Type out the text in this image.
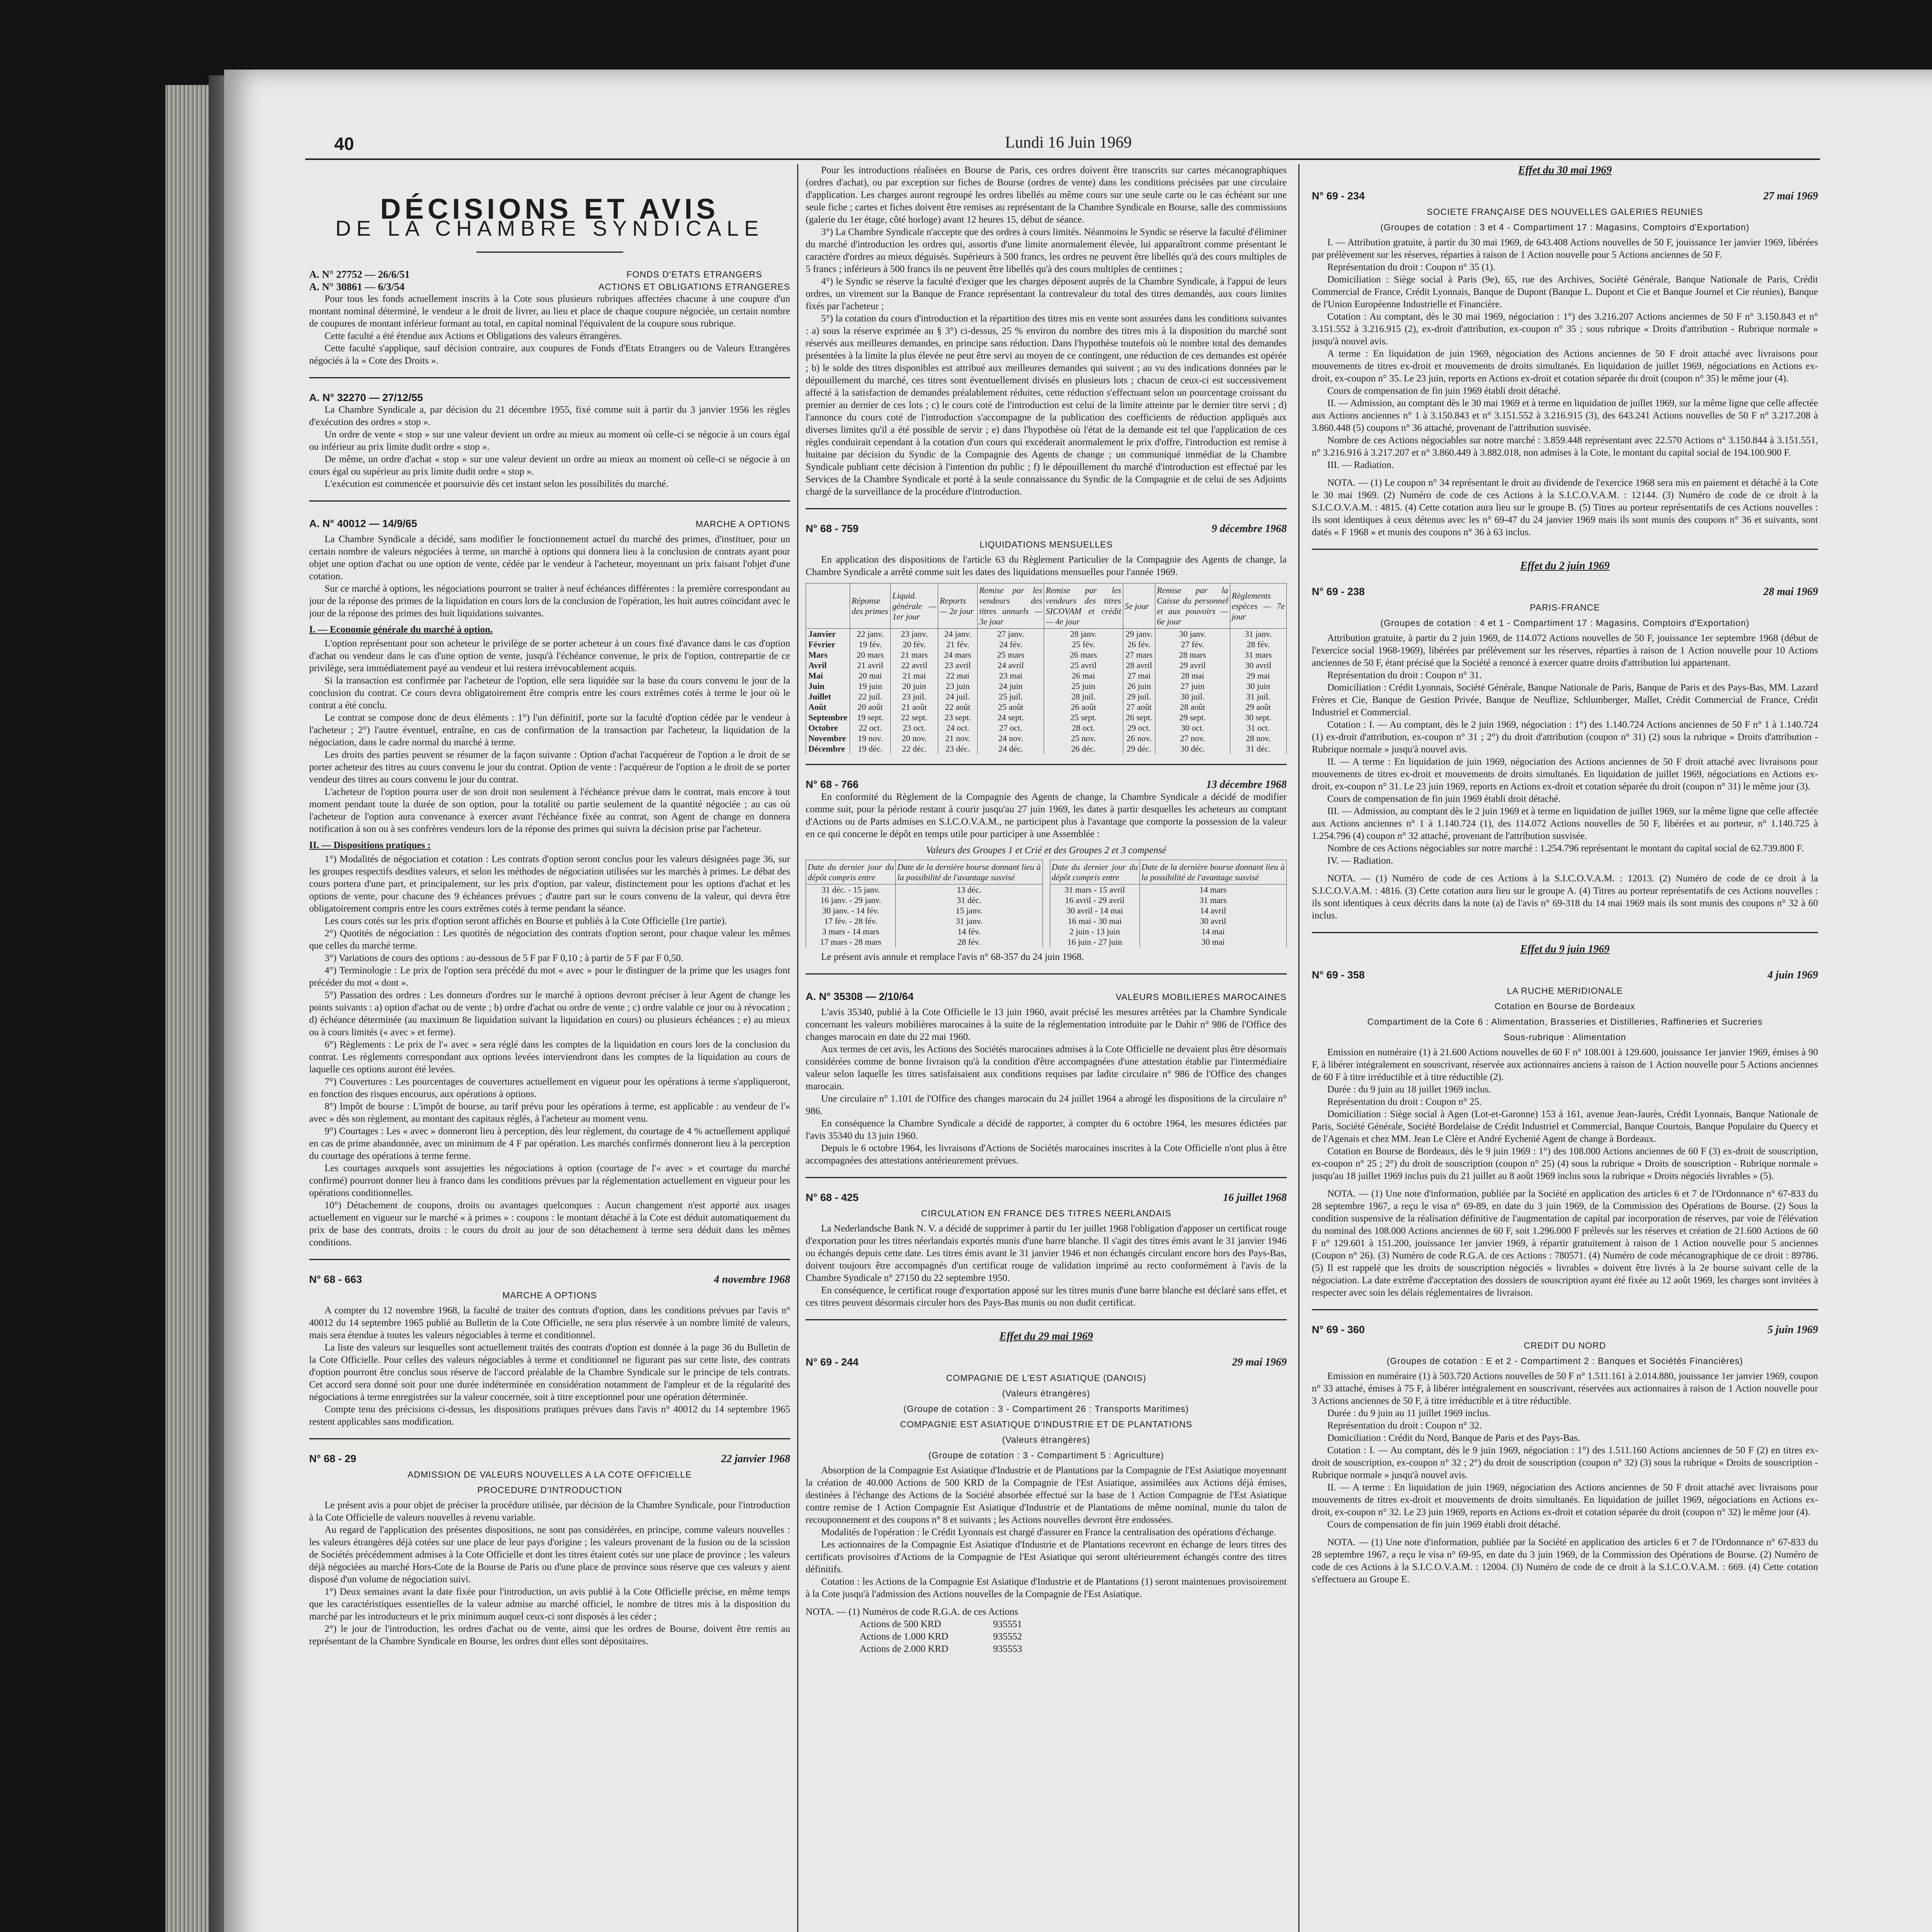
40	Lundi 16 Juin 1969
DÉCISIONS ET AVIS
DE LA CHAMBRE SYNDICALE
A. N° 27752 — 26/6/51
A. N° 30861 — 6/3/54
FONDS D'ETATS ETRANGERS
ACTIONS ET OBLIGATIONS ETRANGERES

Pour tous les fonds actuellement inscrits à la Cote sous plusieurs rubriques affectées chacune à une coupure d'un montant nominal déterminé, le vendeur a le droit de livrer, au lieu et place de chaque coupure négociée, un certain nombre de coupures de montant inférieur formant au total, en capital nominal l'équivalent de la coupure sous rubrique.

Cette faculté a été étendue aux Actions et Obligations des valeurs étrangères.

Cette faculté s'applique, sauf décision contraire, aux coupures de Fonds d'Etats Etrangers ou de Valeurs Etrangères négociés à la « Cote des Droits ».

A. N° 32270 — 27/12/55

La Chambre Syndicale a, par décision du 21 décembre 1955, fixé comme suit à partir du 3 janvier 1956 les règles d'exécution des ordres « stop ».

Un ordre de vente « stop » sur une valeur devient un ordre au mieux au moment où celle-ci se négocie à un cours égal ou inférieur au prix limite dudit ordre « stop ».

De même, un ordre d'achat « stop » sur une valeur devient un ordre au mieux au moment où celle-ci se négocie à un cours égal ou supérieur au prix limite dudit ordre « stop ».

L'exécution est commencée et poursuivie dès cet instant selon les possibilités du marché.

A. N° 40012 — 14/9/65	MARCHE A OPTIONS

La Chambre Syndicale a décidé, sans modifier le fonctionnement actuel du marché des primes, d'instituer, pour un certain nombre de valeurs négociées à terme, un marché à options qui donnera lieu à la conclusion de contrats ayant pour objet une option d'achat ou une option de vente, cédée par le vendeur à l'acheteur, moyennant un prix faisant l'objet d'une cotation.

Sur ce marché à options, les négociations pourront se traiter à neuf échéances différentes : la première correspondant au jour de la réponse des primes de la liquidation en cours lors de la conclusion de l'opération, les huit autres coïncidant avec le jour de la réponse des primes des huit liquidations suivantes.

I. — Economie générale du marché à option.

L'option représentant pour son acheteur le privilège de se porter acheteur à un cours fixé d'avance dans le cas d'option d'achat ou vendeur dans le cas d'une option de vente, jusqu'à l'échéance convenue, le prix de l'option, contrepartie de ce privilège, sera immédiatement payé au vendeur et lui restera irrévocablement acquis.

Si la transaction est confirmée par l'acheteur de l'option, elle sera liquidée sur la base du cours convenu le jour de la conclusion du contrat. Ce cours devra obligatoirement être compris entre les cours extrêmes cotés à terme le jour où le contrat a été conclu.

Le contrat se compose donc de deux éléments : 1°) l'un définitif, porte sur la faculté d'option cédée par le vendeur à l'acheteur ; 2°) l'autre éventuel, entraîne, en cas de confirmation de la transaction par l'acheteur, la liquidation de la négociation, dans le cadre normal du marché à terme.

Les droits des parties peuvent se résumer de la façon suivante : Option d'achat l'acquéreur de l'option a le droit de se porter acheteur des titres au cours convenu le jour du contrat. Option de vente : l'acquéreur de l'option a le droit de se porter vendeur des titres au cours convenu le jour du contrat.

L'acheteur de l'option pourra user de son droit non seulement à l'échéance prévue dans le contrat, mais encore à tout moment pendant toute la durée de son option, pour la totalité ou partie seulement de la quantité négociée ; au cas où l'acheteur de l'option aura convenance à exercer avant l'échéance fixée au contrat, son Agent de change en donnera notification à son ou à ses confrères vendeurs lors de la réponse des primes qui suivra la décision prise par l'acheteur.

II. — Dispositions pratiques :

1°) Modalités de négociation et cotation : Les contrats d'option seront conclus pour les valeurs désignées page 36, sur les groupes respectifs desdites valeurs, et selon les méthodes de négociation utilisées sur les marchés à primes. Le débat des cours portera d'une part, et principalement, sur les prix d'option, par valeur, distinctement pour les options d'achat et les options de vente, pour chacune des 9 échéances prévues ; d'autre part sur le cours convenu de la valeur, qui devra être obligatoirement compris entre les cours extrêmes cotés à terme pendant la séance.

Les cours cotés sur les prix d'option seront affichés en Bourse et publiés à la Cote Officielle (1re partie).

2°) Quotités de négociation : Les quotités de négociation des contrats d'option seront, pour chaque valeur les mêmes que celles du marché terme.

3°) Variations de cours des options : au-dessous de 5 F par F 0,10 ; à partir de 5 F par F 0,50.

4°) Terminologie : Le prix de l'option sera précédé du mot « avec » pour le distinguer de la prime que les usages font précéder du mot « dont ».

5°) Passation des ordres : Les donneurs d'ordres sur le marché à options devront préciser à leur Agent de change les points suivants : a) option d'achat ou de vente ; b) ordre d'achat ou ordre de vente ; c) ordre valable ce jour ou à révocation ; d) échéance déterminée (au maximum 8e liquidation suivant la liquidation en cours) ou plusieurs échéances ; e) au mieux ou à cours limités (« avec » et ferme).

6°) Règlements : Le prix de l'« avec » sera réglé dans les comptes de la liquidation en cours lors de la conclusion du contrat. Les règlements correspondant aux options levées interviendront dans les comptes de la liquidation au cours de laquelle ces options auront été levées.

7°) Couvertures : Les pourcentages de couvertures actuellement en vigueur pour les opérations à terme s'appliqueront, en fonction des risques encourus, aux opérations à options.

8°) Impôt de bourse : L'impôt de bourse, au tarif prévu pour les opérations à terme, est applicable : au vendeur de l'« avec » dès son règlement, au montant des capitaux réglés, à l'acheteur au moment venu.

9°) Courtages : Les « avec » donneront lieu à perception, dès leur règlement, du courtage de 4 % actuellement appliqué en cas de prime abandonnée, avec un minimum de 4 F par opération. Les marchés confirmés donneront lieu à la perception du courtage des opérations à terme ferme.

Les courtages auxquels sont assujetties les négociations à option (courtage de l'« avec » et courtage du marché confirmé) pourront donner lieu à franco dans les conditions prévues par la réglementation actuellement en vigueur pour les opérations conditionnelles.

10°) Détachement de coupons, droits ou avantages quelconques : Aucun changement n'est apporté aux usages actuellement en vigueur sur le marché « à primes » : coupons : le montant détaché à la Cote est déduit automatiquement du prix de base des contrats, droits : le cours du droit au jour de son détachement à terme sera déduit dans les mêmes conditions.

N° 68 - 663	4 novembre 1968
MARCHE A OPTIONS

A compter du 12 novembre 1968, la faculté de traiter des contrats d'option, dans les conditions prévues par l'avis n° 40012 du 14 septembre 1965 publié au Bulletin de la Cote Officielle, ne sera plus réservée à un nombre limité de valeurs, mais sera étendue à toutes les valeurs négociables à terme et conditionnel.

La liste des valeurs sur lesquelles sont actuellement traités des contrats d'option est donnée à la page 36 du Bulletin de la Cote Officielle. Pour celles des valeurs négociables à terme et conditionnel ne figurant pas sur cette liste, des contrats d'option pourront être conclus sous réserve de l'accord préalable de la Chambre Syndicale sur le principe de tels contrats. Cet accord sera donné soit pour une durée indéterminée en considération notamment de l'ampleur et de la régularité des négociations à terme enregistrées sur la valeur concernée, soit à titre exceptionnel pour une opération déterminée.

Compte tenu des précisions ci-dessus, les dispositions pratiques prévues dans l'avis n° 40012 du 14 septembre 1965 restent applicables sans modification.

N° 68 - 29	22 janvier 1968
ADMISSION DE VALEURS NOUVELLES A LA COTE OFFICIELLE
PROCEDURE D'INTRODUCTION

Le présent avis a pour objet de préciser la procédure utilisée, par décision de la Chambre Syndicale, pour l'introduction à la Cote Officielle de valeurs nouvelles à revenu variable.

Au regard de l'application des présentes dispositions, ne sont pas considérées, en principe, comme valeurs nouvelles : les valeurs étrangères déjà cotées sur une place de leur pays d'origine ; les valeurs provenant de la fusion ou de la scission de Sociétés précédemment admises à la Cote Officielle et dont les titres étaient cotés sur une place de province ; les valeurs déjà négociées au marché Hors-Cote de la Bourse de Paris ou d'une place de province sous réserve que ces valeurs y aient disposé d'un volume de négociation suivi.

1°) Deux semaines avant la date fixée pour l'introduction, un avis publié à la Cote Officielle précise, en même temps que les caractéristiques essentielles de la valeur admise au marché officiel, le nombre de titres mis à la disposition du marché par les introducteurs et le prix minimum auquel ceux-ci sont disposés à les céder ;

2°) le jour de l'introduction, les ordres d'achat ou de vente, ainsi que les ordres de Bourse, doivent être remis au représentant de la Chambre Syndicale en Bourse, les ordres dont elles sont dépositaires.

Pour les introductions réalisées en Bourse de Paris, ces ordres doivent être transcrits sur cartes mécanographiques (ordres d'achat), ou par exception sur fiches de Bourse (ordres de vente) dans les conditions précisées par une circulaire d'application. Les charges auront regroupé les ordres libellés au même cours sur une seule carte ou le cas échéant sur une seule fiche ; cartes et fiches doivent être remises au représentant de la Chambre Syndicale en Bourse, salle des commissions (galerie du 1er étage, côté horloge) avant 12 heures 15, début de séance.

3°) La Chambre Syndicale n'accepte que des ordres à cours limités. Néanmoins le Syndic se réserve la faculté d'éliminer du marché d'introduction les ordres qui, assortis d'une limite anormalement élevée, lui apparaîtront comme présentant le caractère d'ordres au mieux déguisés. Supérieurs à 500 francs, les ordres ne peuvent être libellés qu'à des cours multiples de 5 francs ; inférieurs à 500 francs ils ne peuvent être libellés qu'à des cours multiples de centimes ;

4°) le Syndic se réserve la faculté d'exiger que les charges déposent auprès de la Chambre Syndicale, à l'appui de leurs ordres, un virement sur la Banque de France représentant la contrevaleur du total des titres demandés, aux cours limites fixés par l'acheteur ;

5°) la cotation du cours d'introduction et la répartition des titres mis en vente sont assurées dans les conditions suivantes : a) sous la réserve exprimée au § 3°) ci-dessus, 25 % environ du nombre des titres mis à la disposition du marché sont réservés aux meilleures demandes, en principe sans réduction. Dans l'hypothèse toutefois où le nombre total des demandes présentées à la limite la plus élevée ne peut être servi au moyen de ce contingent, une réduction de ces demandes est opérée ; b) le solde des titres disponibles est attribué aux meilleures demandes qui suivent ; au vu des indications données par le dépouillement du marché, ces titres sont éventuellement divisés en plusieurs lots ; chacun de ceux-ci est successivement affecté à la satisfaction de demandes préalablement réduites, cette réduction s'effectuant selon un pourcentage croissant du premier au dernier de ces lots ; c) le cours coté de l'introduction est celui de la limite atteinte par le dernier titre servi ; d) l'annonce du cours coté de l'introduction s'accompagne de la publication des coefficients de réduction appliqués aux diverses limites qu'il a été possible de servir ; e) dans l'hypothèse où l'état de la demande est tel que l'application de ces règles conduirait cependant à la cotation d'un cours qui excéderait anormalement le prix d'offre, l'introduction est remise à huitaine par décision du Syndic de la Compagnie des Agents de change ; un communiqué immédiat de la Chambre Syndicale publiant cette décision à l'intention du public ; f) le dépouillement du marché d'introduction est effectué par les Services de la Chambre Syndicale et porté à la seule connaissance du Syndic de la Compagnie et de celui de ses Adjoints chargé de la surveillance de la procédure d'introduction.

N° 68 - 759	9 décembre 1968
LIQUIDATIONS MENSUELLES

En application des dispositions de l'article 63 du Règlement Particulier de la Compagnie des Agents de change, la Chambre Syndicale a arrêté comme suit les dates des liquidations mensuelles pour l'année 1969.

	Réponse des primes	Liquid. générale — 1er jour	Reports — 2e jour	Remise par les vendeurs des titres annuels — 3e jour	Remise par les vendeurs des titres SICOVAM et crédit — 4e jour	5e jour	Remise par la Caisse du personnel et aux pouvoirs — 6e jour	Règlements espèces — 7e jour
Janvier	22 janv.	23 janv.	24 janv.	27 janv.	28 janv.	29 janv.	30 janv.	31 janv.
Février	19 fév.	20 fév.	21 fév.	24 fév.	25 fév.	26 fév.	27 fév.	28 fév.
Mars	20 mars	21 mars	24 mars	25 mars	26 mars	27 mars	28 mars	31 mars
Avril	21 avril	22 avril	23 avril	24 avril	25 avril	28 avril	29 avril	30 avril
Mai	20 mai	21 mai	22 mai	23 mai	26 mai	27 mai	28 mai	29 mai
Juin	19 juin	20 juin	23 juin	24 juin	25 juin	26 juin	27 juin	30 juin
Juillet	22 juil.	23 juil.	24 juil.	25 juil.	28 juil.	29 juil.	30 juil.	31 juil.
Août	20 août	21 août	22 août	25 août	26 août	27 août	28 août	29 août
Septembre	19 sept.	22 sept.	23 sept.	24 sept.	25 sept.	26 sept.	29 sept.	30 sept.
Octobre	22 oct.	23 oct.	24 oct.	27 oct.	28 oct.	29 oct.	30 oct.	31 oct.
Novembre	19 nov.	20 nov.	21 nov.	24 nov.	25 nov.	26 nov.	27 nov.	28 nov.
Décembre	19 déc.	22 déc.	23 déc.	24 déc.	26 déc.	29 déc.	30 déc.	31 déc.
N° 68 - 766	13 décembre 1968

En conformité du Règlement de la Compagnie des Agents de change, la Chambre Syndicale a décidé de modifier comme suit, pour la période restant à courir jusqu'au 27 juin 1969, les dates à partir desquelles les acheteurs au comptant d'Actions ou de Parts admises en S.I.C.O.V.A.M., ne participent plus à l'avantage que comporte la possession de la valeur en ce qui concerne le dépôt en temps utile pour participer à une Assemblée :

Valeurs des Groupes 1 et Crié et des Groupes 2 et 3 compensé
Date du dernier jour du dépôt compris entre	Date de la dernière bourse donnant lieu à la possibilité de l'avantage susvisé
31 déc. - 15 janv.	13 déc.
16 janv. - 29 janv.	31 déc.
30 janv. - 14 fév.	15 janv.
17 fév. - 28 fév.	31 janv.
3 mars - 14 mars	14 fév.
17 mars - 28 mars	28 fév.
Date du dernier jour du dépôt compris entre	Date de la dernière bourse donnant lieu à la possibilité de l'avantage susvisé
31 mars - 15 avril	14 mars
16 avril - 29 avril	31 mars
30 avril - 14 mai	14 avril
16 mai - 30 mai	30 avril
2 juin - 13 juin	14 mai
16 juin - 27 juin	30 mai

Le présent avis annule et remplace l'avis n° 68-357 du 24 juin 1968.

A. N° 35308 — 2/10/64	VALEURS MOBILIERES MAROCAINES

L'avis 35340, publié à la Cote Officielle le 13 juin 1960, avait précisé les mesures arrêtées par la Chambre Syndicale concernant les valeurs mobilières marocaines à la suite de la réglementation introduite par le Dahir n° 986 de l'Office des changes marocain en date du 22 mai 1960.

Aux termes de cet avis, les Actions des Sociétés marocaines admises à la Cote Officielle ne devaient plus être désormais considérées comme de bonne livraison qu'à la condition d'être accompagnées d'une attestation établie par l'intermédiaire valeur selon laquelle les titres satisfaisaient aux conditions requises par ladite circulaire n° 986 de l'Office des changes marocain.

Une circulaire n° 1.101 de l'Office des changes marocain du 24 juillet 1964 a abrogé les dispositions de la circulaire n° 986.

En conséquence la Chambre Syndicale a décidé de rapporter, à compter du 6 octobre 1964, les mesures édictées par l'avis 35340 du 13 juin 1960.

Depuis le 6 octobre 1964, les livraisons d'Actions de Sociétés marocaines inscrites à la Cote Officielle n'ont plus à être accompagnées des attestations antérieurement prévues.

N° 68 - 425	16 juillet 1968
CIRCULATION EN FRANCE DES TITRES NEERLANDAIS

La Nederlandsche Bank N. V. a décidé de supprimer à partir du 1er juillet 1968 l'obligation d'apposer un certificat rouge d'exportation pour les titres néerlandais exportés munis d'une barre blanche. Il s'agit des titres émis avant le 31 janvier 1946 ou échangés depuis cette date. Les titres émis avant le 31 janvier 1946 et non échangés circulant encore hors des Pays-Bas, doivent toujours être accompagnés d'un certificat rouge de validation imprimé au recto conformément à l'avis de la Chambre Syndicale n° 27150 du 22 septembre 1950.

En conséquence, le certificat rouge d'exportation apposé sur les titres munis d'une barre blanche est déclaré sans effet, et ces titres peuvent désormais circuler hors des Pays-Bas munis ou non dudit certificat.

Effet du 29 mai 1969
N° 69 - 244	29 mai 1969
COMPAGNIE DE L'EST ASIATIQUE (DANOIS)
(Valeurs étrangères)
(Groupe de cotation : 3 - Compartiment 26 : Transports Maritimes)
COMPAGNIE EST ASIATIQUE D'INDUSTRIE ET DE PLANTATIONS
(Valeurs étrangères)
(Groupe de cotation : 3 - Compartiment 5 : Agriculture)

Absorption de la Compagnie Est Asiatique d'Industrie et de Plantations par la Compagnie de l'Est Asiatique moyennant la création de 40.000 Actions de 500 KRD de la Compagnie de l'Est Asiatique, assimilées aux Actions déjà émises, destinées à l'échange des Actions de la Société absorbée effectué sur la base de 1 Action Compagnie de l'Est Asiatique contre remise de 1 Action Compagnie Est Asiatique d'Industrie et de Plantations de même nominal, munie du talon de recouponnement et des coupons n° 8 et suivants ; les Actions nouvelles devront être endossées.

Modalités de l'opération : le Crédit Lyonnais est chargé d'assurer en France la centralisation des opérations d'échange.

Les actionnaires de la Compagnie Est Asiatique d'Industrie et de Plantations recevront en échange de leurs titres des certificats provisoires d'Actions de la Compagnie de l'Est Asiatique qui seront ultérieurement échangés contre des titres définitifs.

Cotation : les Actions de la Compagnie Est Asiatique d'Industrie et de Plantations (1) seront maintenues provisoirement à la Cote jusqu'à l'admission des Actions nouvelles de la Compagnie de l'Est Asiatique.

NOTA. — (1) Numéros de code R.G.A. de ces Actions
Actions de 500 KRD	935551
Actions de 1.000 KRD	935552
Actions de 2.000 KRD	935553
Effet du 30 mai 1969
N° 69 - 234	27 mai 1969
SOCIETE FRANÇAISE DES NOUVELLES GALERIES REUNIES
(Groupes de cotation : 3 et 4 - Compartiment 17 : Magasins, Comptoirs d'Exportation)

I. — Attribution gratuite, à partir du 30 mai 1969, de 643.408 Actions nouvelles de 50 F, jouissance 1er janvier 1969, libérées par prélèvement sur les réserves, réparties à raison de 1 Action nouvelle pour 5 Actions anciennes de 50 F.

Représentation du droit : Coupon n° 35 (1).

Domiciliation : Siège social à Paris (9e), 65, rue des Archives, Société Générale, Banque Nationale de Paris, Crédit Commercial de France, Crédit Lyonnais, Banque de Dupont (Banque L. Dupont et Cie et Banque Journel et Cie réunies), Banque de l'Union Européenne Industrielle et Financière.

Cotation : Au comptant, dès le 30 mai 1969, négociation : 1°) des 3.216.207 Actions anciennes de 50 F n° 3.150.843 et n° 3.151.552 à 3.216.915 (2), ex-droit d'attribution, ex-coupon n° 35 ; sous rubrique « Droits d'attribution - Rubrique normale » jusqu'à nouvel avis.

A terme : En liquidation de juin 1969, négociation des Actions anciennes de 50 F droit attaché avec livraisons pour mouvements de titres ex-droit et mouvements de droits simultanés. En liquidation de juillet 1969, négociations en Actions ex-droit, ex-coupon n° 35. Le 23 juin, reports en Actions ex-droit et cotation séparée du droit (coupon n° 35) le même jour (4).

Cours de compensation de fin juin 1969 établi droit détaché.

II. — Admission, au comptant dès le 30 mai 1969 et à terme en liquidation de juillet 1969, sur la même ligne que celle affectée aux Actions anciennes n° 1 à 3.150.843 et n° 3.151.552 à 3.216.915 (3), des 643.241 Actions nouvelles de 50 F n° 3.217.208 à 3.860.448 (5) coupons n° 36 attaché, provenant de l'attribution susvisée.

Nombre de ces Actions négociables sur notre marché : 3.859.448 représentant avec 22.570 Actions n° 3.150.844 à 3.151.551, n° 3.216.916 à 3.217.207 et n° 3.860.449 à 3.882.018, non admises à la Cote, le montant du capital social de 194.100.900 F.

III. — Radiation.

NOTA. — (1) Le coupon n° 34 représentant le droit au dividende de l'exercice 1968 sera mis en paiement et détaché à la Cote le 30 mai 1969. (2) Numéro de code de ces Actions à la S.I.C.O.V.A.M. : 12144. (3) Numéro de code de ce droit à la S.I.C.O.V.A.M. : 4815. (4) Cette cotation aura lieu sur le groupe B. (5) Titres au porteur représentatifs de ces Actions nouvelles : ils sont identiques à ceux détenus avec les n° 69-47 du 24 janvier 1969 mais ils sont munis des coupons n° 36 et suivants, sont datés « F 1968 » et munis des coupons n° 36 à 63 inclus.

Effet du 2 juin 1969
N° 69 - 238	28 mai 1969
PARIS-FRANCE
(Groupes de cotation : 4 et 1 - Compartiment 17 : Magasins, Comptoirs d'Exportation)

Attribution gratuite, à partir du 2 juin 1969, de 114.072 Actions nouvelles de 50 F, jouissance 1er septembre 1968 (début de l'exercice social 1968-1969), libérées par prélèvement sur les réserves, réparties à raison de 1 Action nouvelle pour 10 Actions anciennes de 50 F, étant précisé que la Société a renoncé à exercer quatre droits d'attribution lui appartenant.

Représentation du droit : Coupon n° 31.

Domiciliation : Crédit Lyonnais, Société Générale, Banque Nationale de Paris, Banque de Paris et des Pays-Bas, MM. Lazard Frères et Cie, Banque de Gestion Privée, Banque de Neuflize, Schlumberger, Mallet, Crédit Commercial de France, Crédit Industriel et Commercial.

Cotation : I. — Au comptant, dès le 2 juin 1969, négociation : 1°) des 1.140.724 Actions anciennes de 50 F n° 1 à 1.140.724 (1) ex-droit d'attribution, ex-coupon n° 31 ; 2°) du droit d'attribution (coupon n° 31) (2) sous la rubrique « Droits d'attribution - Rubrique normale » jusqu'à nouvel avis.

II. — A terme : En liquidation de juin 1969, négociation des Actions anciennes de 50 F droit attaché avec livraisons pour mouvements de titres ex-droit et mouvements de droits simultanés. En liquidation de juillet 1969, négociations en Actions ex-droit, ex-coupon n° 31. Le 23 juin 1969, reports en Actions ex-droit et cotation séparée du droit (coupon n° 31) le même jour (3).

Cours de compensation de fin juin 1969 établi droit détaché.

III. — Admission, au comptant dès le 2 juin 1969 et à terme en liquidation de juillet 1969, sur la même ligne que celle affectée aux Actions anciennes n° 1 à 1.140.724 (1), des 114.072 Actions nouvelles de 50 F, libérées et au porteur, n° 1.140.725 à 1.254.796 (4) coupon n° 32 attaché, provenant de l'attribution susvisée.

Nombre de ces Actions négociables sur notre marché : 1.254.796 représentant le montant du capital social de 62.739.800 F.

IV. — Radiation.

NOTA. — (1) Numéro de code de ces Actions à la S.I.C.O.V.A.M. : 12013. (2) Numéro de code de ce droit à la S.I.C.O.V.A.M. : 4816. (3) Cette cotation aura lieu sur le groupe A. (4) Titres au porteur représentatifs de ces Actions nouvelles : ils sont identiques à ceux décrits dans la note (a) de l'avis n° 69-318 du 14 mai 1969 mais ils sont munis des coupons n° 32 à 60 inclus.

Effet du 9 juin 1969
N° 69 - 358	4 juin 1969
LA RUCHE MERIDIONALE
Cotation en Bourse de Bordeaux
Compartiment de la Cote 6 : Alimentation, Brasseries et Distilleries, Raffineries et Sucreries
Sous-rubrique : Alimentation

Emission en numéraire (1) à 21.600 Actions nouvelles de 60 F n° 108.001 à 129.600, jouissance 1er janvier 1969, émises à 90 F, à libérer intégralement en souscrivant, réservée aux actionnaires anciens à raison de 1 Action nouvelle pour 5 Actions anciennes de 60 F à titre irréductible et à titre réductible (2).

Durée : du 9 juin au 18 juillet 1969 inclus.

Représentation du droit : Coupon n° 25.

Domiciliation : Siège social à Agen (Lot-et-Garonne) 153 à 161, avenue Jean-Jaurès, Crédit Lyonnais, Banque Nationale de Paris, Société Générale, Société Bordelaise de Crédit Industriel et Commercial, Banque Courtois, Banque Populaire du Quercy et de l'Agenais et chez MM. Jean Le Clère et André Eychenié Agent de change à Bordeaux.

Cotation en Bourse de Bordeaux, dès le 9 juin 1969 : 1°) des 108.000 Actions anciennes de 60 F (3) ex-droit de souscription, ex-coupon n° 25 ; 2°) du droit de souscription (coupon n° 25) (4) sous la rubrique « Droits de souscription - Rubrique normale » jusqu'au 18 juillet 1969 inclus puis du 21 juillet au 8 août 1969 inclus sous la rubrique « Droits négociés livrables » (5).

NOTA. — (1) Une note d'information, publiée par la Société en application des articles 6 et 7 de l'Ordonnance n° 67-833 du 28 septembre 1967, a reçu le visa n° 69-89, en date du 3 juin 1969, de la Commission des Opérations de Bourse. (2) Sous la condition suspensive de la réalisation définitive de l'augmentation de capital par incorporation de réserves, par voie de l'élévation du nominal des 108.000 Actions anciennes de 60 F, soit 1.296.000 F prélevés sur les réserves et création de 21.600 Actions de 60 F n° 129.601 à 151.200, jouissance 1er janvier 1969, à répartir gratuitement à raison de 1 Action nouvelle pour 5 anciennes (Coupon n° 26). (3) Numéro de code R.G.A. de ces Actions : 780571. (4) Numéro de code mécanographique de ce droit : 89786. (5) Il est rappelé que les droits de souscription négociés « livrables » doivent être livrés à la 2e bourse suivant celle de la négociation. La date extrême d'acceptation des dossiers de souscription ayant été fixée au 12 août 1969, les charges sont invitées à respecter avec soin les délais réglementaires de livraison.

N° 69 - 360	5 juin 1969
CREDIT DU NORD
(Groupes de cotation : E et 2 - Compartiment 2 : Banques et Sociétés Financières)

Emission en numéraire (1) à 503.720 Actions nouvelles de 50 F n° 1.511.161 à 2.014.880, jouissance 1er janvier 1969, coupon n° 33 attaché, émises à 75 F, à libérer intégralement en souscrivant, réservées aux actionnaires à raison de 1 Action nouvelle pour 3 Actions anciennes de 50 F, à titre irréductible et à titre réductible.

Durée : du 9 juin au 11 juillet 1969 inclus.

Représentation du droit : Coupon n° 32.

Domiciliation : Crédit du Nord, Banque de Paris et des Pays-Bas.

Cotation : I. — Au comptant, dès le 9 juin 1969, négociation : 1°) des 1.511.160 Actions anciennes de 50 F (2) en titres ex-droit de souscription, ex-coupon n° 32 ; 2°) du droit de souscription (coupon n° 32) (3) sous la rubrique « Droits de souscription - Rubrique normale » jusqu'à nouvel avis.

II. — A terme : En liquidation de juin 1969, négociation des Actions anciennes de 50 F droit attaché avec livraisons pour mouvements de titres ex-droit et mouvements de droits simultanés. En liquidation de juillet 1969, négociations en Actions ex-droit, ex-coupon n° 32. Le 23 juin 1969, reports en Actions ex-droit et cotation séparée du droit (coupon n° 32) le même jour (4).

Cours de compensation de fin juin 1969 établi droit détaché.

NOTA. — (1) Une note d'information, publiée par la Société en application des articles 6 et 7 de l'Ordonnance n° 67-833 du 28 septembre 1967, a reçu le visa n° 69-95, en date du 3 juin 1969, de la Commission des Opérations de Bourse. (2) Numéro de code de ces Actions à la S.I.C.O.V.A.M. : 12004. (3) Numéro de code de ce droit à la S.I.C.O.V.A.M. : 669. (4) Cette cotation s'effectuera au Groupe E.
